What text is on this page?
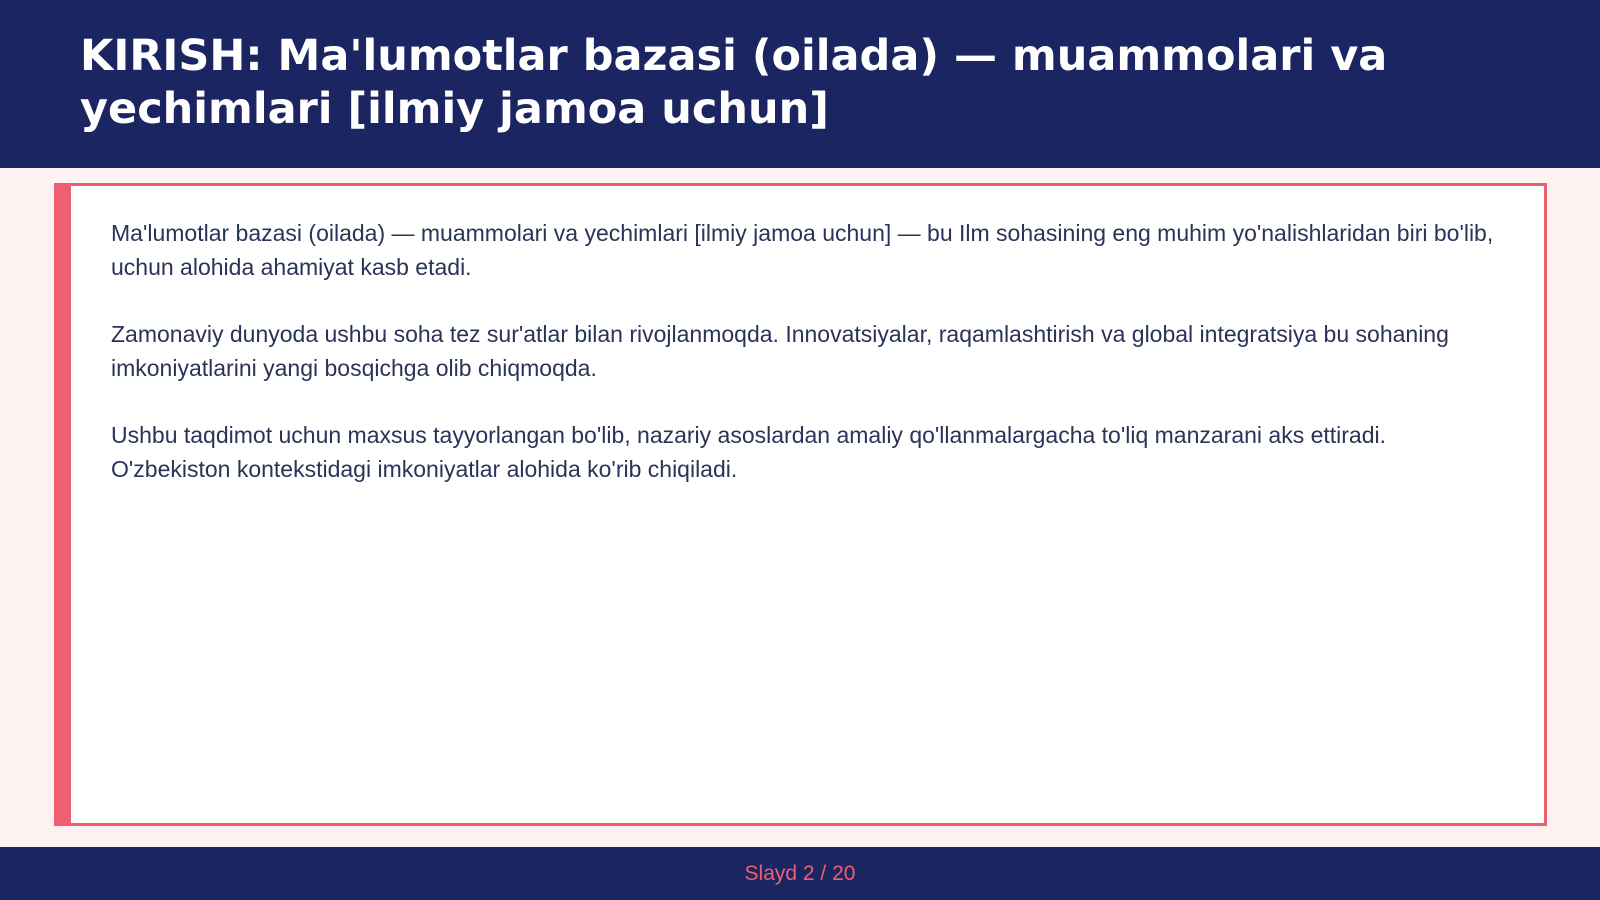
KIRISH: Ma'lumotlar bazasi (oilada) — muammolari va yechimlari [ilmiy jamoa uchun]

Ma'lumotlar bazasi (oilada) — muammolari va yechimlari [ilmiy jamoa uchun] — bu Ilm sohasining eng muhim yo'nalishlaridan biri bo'lib, uchun alohida ahamiyat kasb etadi.

Zamonaviy dunyoda ushbu soha tez sur'atlar bilan rivojlanmoqda. Innovatsiyalar, raqamlashtirish va global integratsiya bu sohaning imkoniyatlarini yangi bosqichga olib chiqmoqda.

Ushbu taqdimot uchun maxsus tayyorlangan bo'lib, nazariy asoslardan amaliy qo'llanmalargacha to'liq manzarani aks ettiradi. O'zbekiston kontekstidagi imkoniyatlar alohida ko'rib chiqiladi.

Slayd 2 / 20
